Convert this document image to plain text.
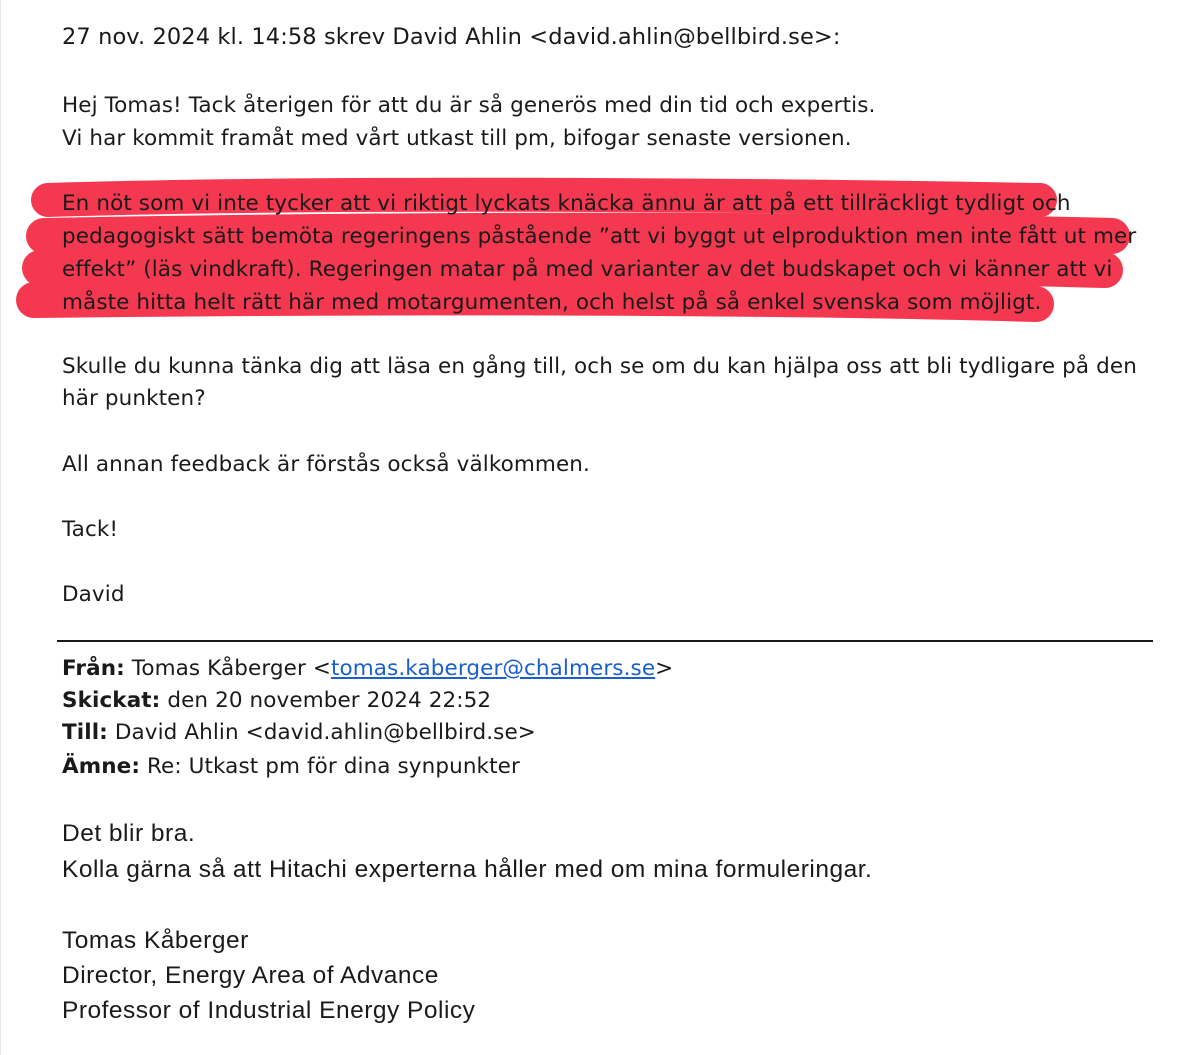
27 nov. 2024 kl. 14:58 skrev David Ahlin <david.ahlin@bellbird.se>:
Hej Tomas! Tack återigen för att du är så generös med din tid och expertis.
Vi har kommit framåt med vårt utkast till pm, bifogar senaste versionen.
En nöt som vi inte tycker att vi riktigt lyckats knäcka ännu är att på ett tillräckligt tydligt och
pedagogiskt sätt bemöta regeringens påstående ”att vi byggt ut elproduktion men inte fått ut mer
effekt” (läs vindkraft). Regeringen matar på med varianter av det budskapet och vi känner att vi
måste hitta helt rätt här med motargumenten, och helst på så enkel svenska som möjligt.
Skulle du kunna tänka dig att läsa en gång till, och se om du kan hjälpa oss att bli tydligare på den
här punkten?
All annan feedback är förstås också välkommen.
Tack!
David
Från: Tomas Kåberger <tomas.kaberger@chalmers.se>
Skickat: den 20 november 2024 22:52
Till: David Ahlin <david.ahlin@bellbird.se>
Ämne: Re: Utkast pm för dina synpunkter
Det blir bra.
Kolla gärna så att Hitachi experterna håller med om mina formuleringar.
Tomas Kåberger
Director, Energy Area of Advance
Professor of Industrial Energy Policy
